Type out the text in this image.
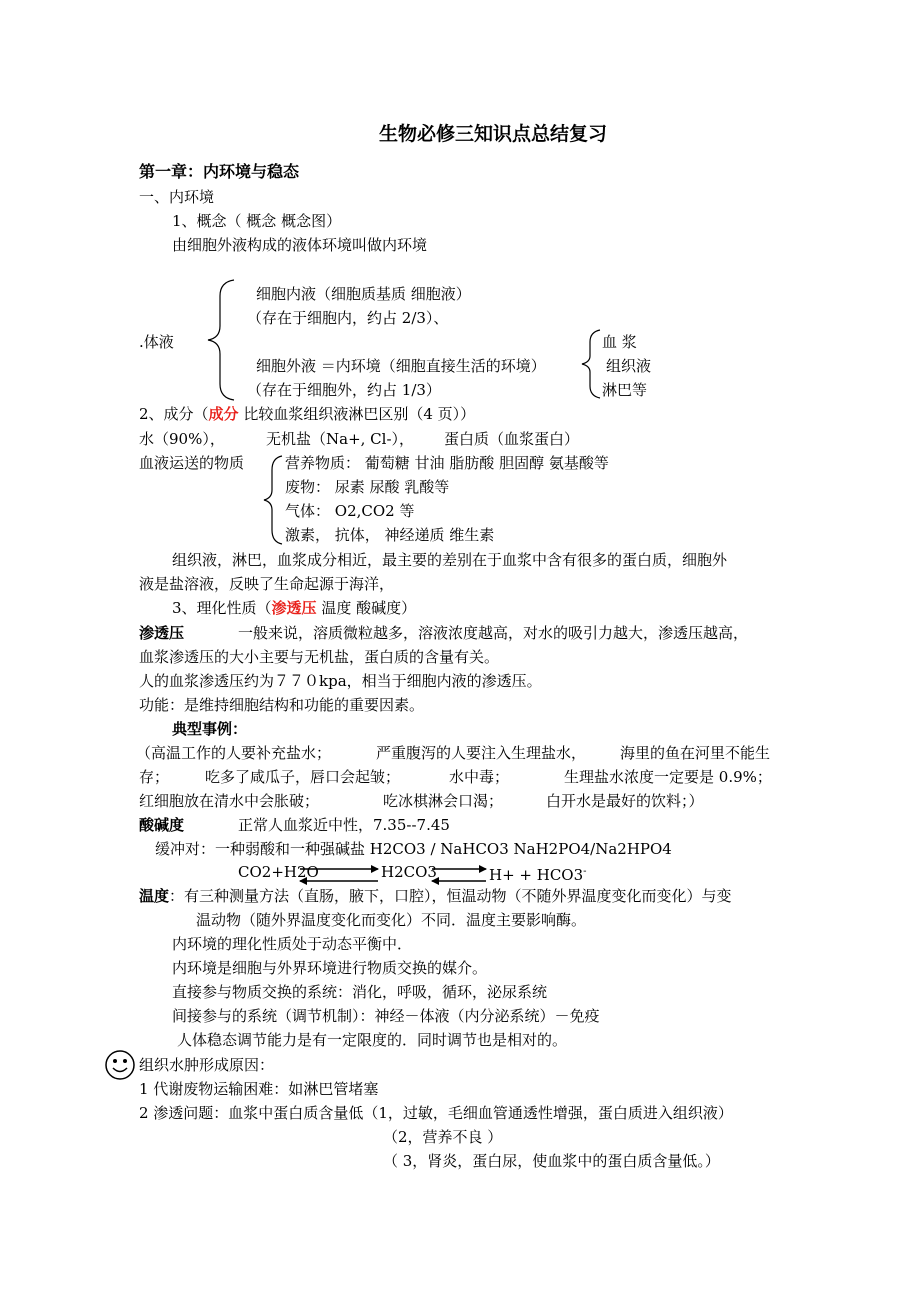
生物必修三知识点总结复习
第一章：内环境与稳态
一、内环境
1、概念（ 概念 概念图）
由细胞外液构成的液体环境叫做内环境
细胞内液（细胞质基质 细胞液）
（存在于细胞内，约占 2/3）、
.体液
细胞外液 ＝内环境（细胞直接生活的环境）
（存在于细胞外，约占 1/3）
血 浆
组织液
淋巴等
2、成分（成分 比较血浆组织液淋巴区别（4 页））
水（90%），	无机盐（Na+, Cl-）， 蛋白质（血浆蛋白）
血液运送的物质	营养物质： 葡萄糖 甘油 脂肪酸 胆固醇 氨基酸等
废物： 尿素 尿酸 乳酸等
气体： O2,CO2 等
激素， 抗体， 神经递质 维生素
组织液，淋巴，血浆成分相近，最主要的差别在于血浆中含有很多的蛋白质，细胞外
液是盐溶液，反映了生命起源于海洋，
3、理化性质（渗透压 温度 酸碱度）
渗透压	一般来说，溶质微粒越多，溶液浓度越高，对水的吸引力越大，渗透压越高，
血浆渗透压的大小主要与无机盐，蛋白质的含量有关。
人的血浆渗透压约为７７０kpa，相当于细胞内液的渗透压。
功能：是维持细胞结构和功能的重要因素。
典型事例：
（高温工作的人要补充盐水；	严重腹泻的人要注入生理盐水， 海里的鱼在河里不能生
存； 吃多了咸瓜子，唇口会起皱；	水中毒；	生理盐水浓度一定要是 0.9%；
红细胞放在清水中会胀破；	吃冰棋淋会口渴；	白开水是最好的饮料；）
酸碱度	正常人血浆近中性，7.35--7.45
缓冲对：一种弱酸和一种强碱盐 H2CO3 / NaHCO3 NaH2PO4/Na2HPO4
CO2+H2O	H2CO3	H+ + HCO3-
温度：有三种测量方法（直肠，腋下，口腔），恒温动物（不随外界温度变化而变化）与变
温动物（随外界温度变化而变化）不同．温度主要影响酶。
内环境的理化性质处于动态平衡中．
内环境是细胞与外界环境进行物质交换的媒介。
直接参与物质交换的系统：消化，呼吸，循环，泌尿系统
间接参与的系统（调节机制）：神经－体液（内分泌系统）－免疫
人体稳态调节能力是有一定限度的．同时调节也是相对的。
组织水肿形成原因：
1 代谢废物运输困难：如淋巴管堵塞
2 渗透问题：血浆中蛋白质含量低（1，过敏，毛细血管通透性增强，蛋白质进入组织液）
（2，营养不良 ）
（ 3，肾炎，蛋白尿，使血浆中的蛋白质含量低。）
